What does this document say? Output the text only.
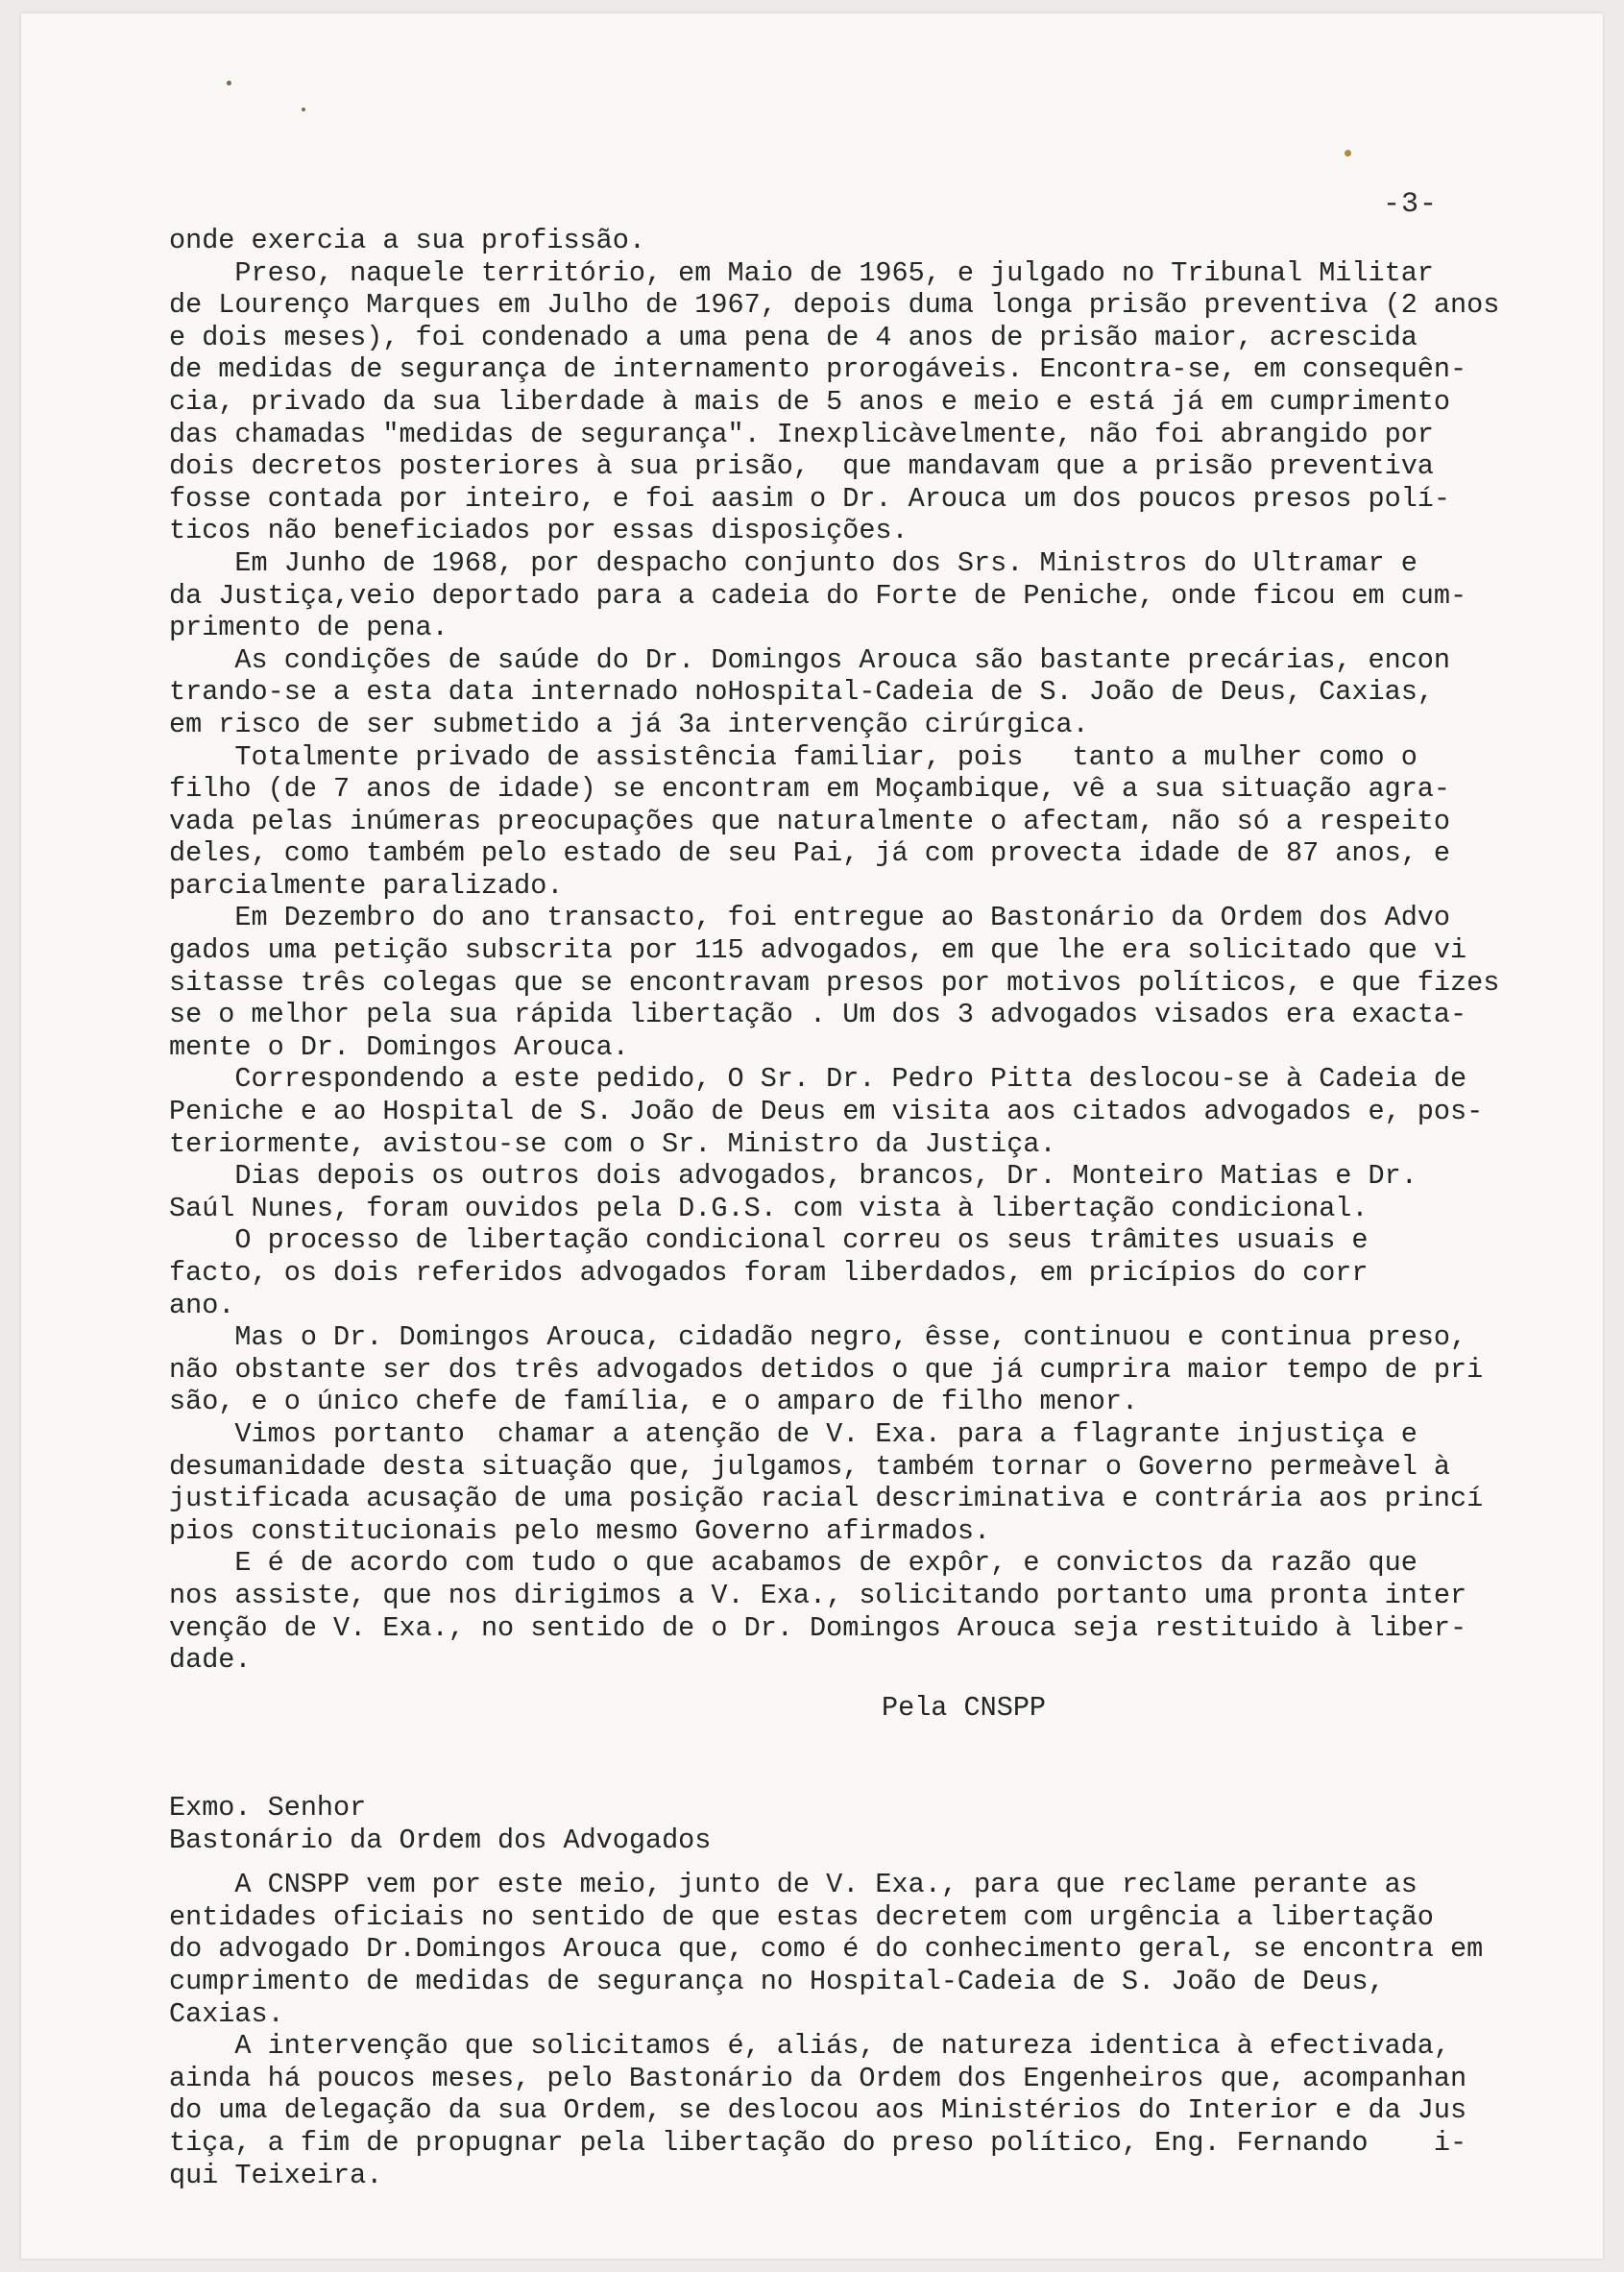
-3-
onde exercia a sua profissão.
Preso, naquele território, em Maio de 1965, e julgado no Tribunal Militar
de Lourenço Marques em Julho de 1967, depois duma longa prisão preventiva (2 anos
e dois meses), foi condenado a uma pena de 4 anos de prisão maior, acrescida
de medidas de segurança de internamento prorogáveis. Encontra-se, em consequên-
cia, privado da sua liberdade à mais de 5 anos e meio e está já em cumprimento
das chamadas "medidas de segurança". Inexplicàvelmente, não foi abrangido por
dois decretos posteriores à sua prisão,  que mandavam que a prisão preventiva
fosse contada por inteiro, e foi aasim o Dr. Arouca um dos poucos presos polí-
ticos não beneficiados por essas disposições.
Em Junho de 1968, por despacho conjunto dos Srs. Ministros do Ultramar e
da Justiça,veio deportado para a cadeia do Forte de Peniche, onde ficou em cum-
primento de pena.
As condições de saúde do Dr. Domingos Arouca são bastante precárias, encon
trando-se a esta data internado noHospital-Cadeia de S. João de Deus, Caxias,
em risco de ser submetido a já 3a intervenção cirúrgica.
Totalmente privado de assistência familiar, pois   tanto a mulher como o
filho (de 7 anos de idade) se encontram em Moçambique, vê a sua situação agra-
vada pelas inúmeras preocupações que naturalmente o afectam, não só a respeito
deles, como também pelo estado de seu Pai, já com provecta idade de 87 anos, e
parcialmente paralizado.
Em Dezembro do ano transacto, foi entregue ao Bastonário da Ordem dos Advo
gados uma petição subscrita por 115 advogados, em que lhe era solicitado que vi
sitasse três colegas que se encontravam presos por motivos políticos, e que fizes
se o melhor pela sua rápida libertação . Um dos 3 advogados visados era exacta-
mente o Dr. Domingos Arouca.
Correspondendo a este pedido, O Sr. Dr. Pedro Pitta deslocou-se à Cadeia de
Peniche e ao Hospital de S. João de Deus em visita aos citados advogados e, pos-
teriormente, avistou-se com o Sr. Ministro da Justiça.
Dias depois os outros dois advogados, brancos, Dr. Monteiro Matias e Dr.
Saúl Nunes, foram ouvidos pela D.G.S. com vista à libertação condicional.
O processo de libertação condicional correu os seus trâmites usuais e
facto, os dois referidos advogados foram liberdados, em pricípios do corr
ano.
Mas o Dr. Domingos Arouca, cidadão negro, êsse, continuou e continua preso,
não obstante ser dos três advogados detidos o que já cumprira maior tempo de pri
são, e o único chefe de família, e o amparo de filho menor.
Vimos portanto  chamar a atenção de V. Exa. para a flagrante injustiça e
desumanidade desta situação que, julgamos, também tornar o Governo permeàvel à
justificada acusação de uma posição racial descriminativa e contrária aos princí
pios constitucionais pelo mesmo Governo afirmados.
E é de acordo com tudo o que acabamos de expôr, e convictos da razão que
nos assiste, que nos dirigimos a V. Exa., solicitando portanto uma pronta inter
venção de V. Exa., no sentido de o Dr. Domingos Arouca seja restituido à liber-
dade.
Pela CNSPP
Exmo. Senhor
Bastonário da Ordem dos Advogados
A CNSPP vem por este meio, junto de V. Exa., para que reclame perante as
entidades oficiais no sentido de que estas decretem com urgência a libertação
do advogado Dr.Domingos Arouca que, como é do conhecimento geral, se encontra em
cumprimento de medidas de segurança no Hospital-Cadeia de S. João de Deus,
Caxias.
A intervenção que solicitamos é, aliás, de natureza identica à efectivada,
ainda há poucos meses, pelo Bastonário da Ordem dos Engenheiros que, acompanhan
do uma delegação da sua Ordem, se deslocou aos Ministérios do Interior e da Jus
tiça, a fim de propugnar pela libertação do preso político, Eng. Fernando    i-
qui Teixeira.
